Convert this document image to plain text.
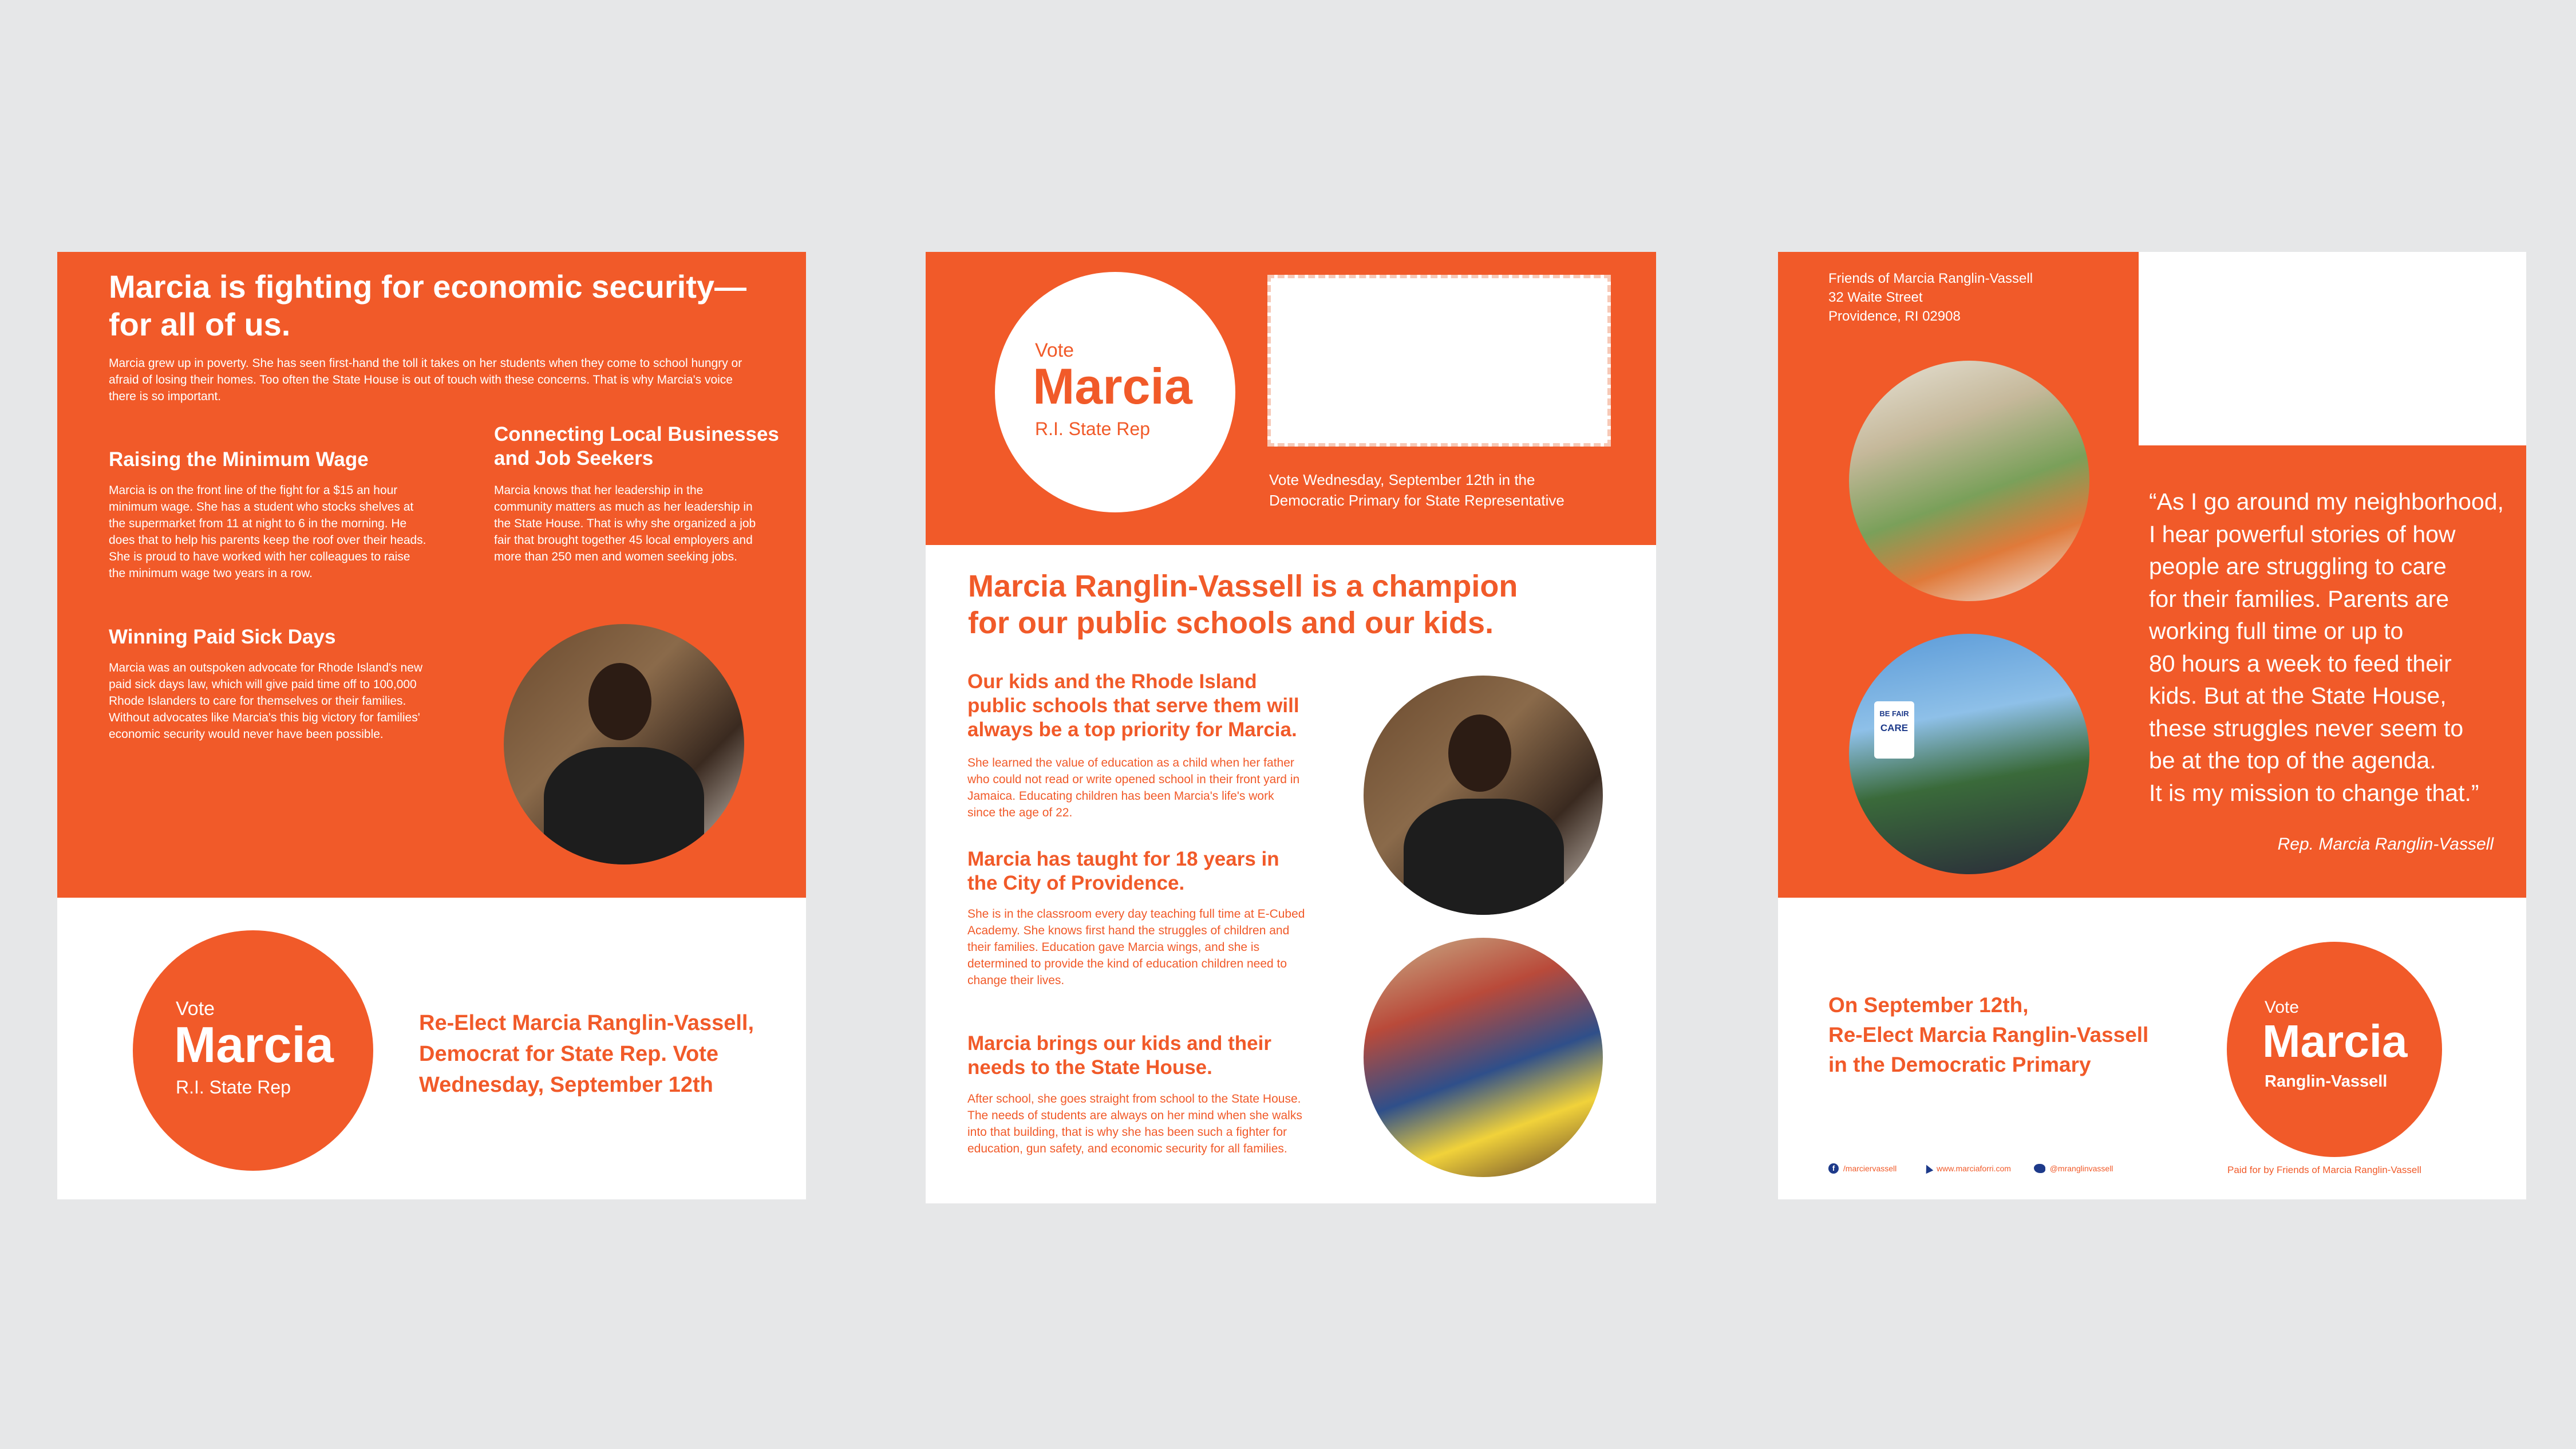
Marcia is fighting for economic security—
for all of us.
Marcia grew up in poverty. She has seen first-hand the toll it takes on her students when they come to school hungry or afraid of losing their homes. Too often the State House is out of touch with these concerns. That is why Marcia's voice there is so important.
Raising the Minimum Wage
Marcia is on the front line of the fight for a $15 an hour minimum wage. She has a student who stocks shelves at the supermarket from 11 at night to 6 in the morning. He does that to help his parents keep the roof over their heads. She is proud to have worked with her colleagues to raise the minimum wage two years in a row.
Connecting Local Businesses
and Job Seekers
Marcia knows that her leadership in the community matters as much as her leadership in the State House. That is why she organized a job fair that brought together 45 local employers and more than 250 men and women seeking jobs.
Winning Paid Sick Days
Marcia was an outspoken advocate for Rhode Island's new paid sick days law, which will give paid time off to 100,000 Rhode Islanders to care for themselves or their families. Without advocates like Marcia's this big victory for families' economic security would never have been possible.
Vote
Marcia
R.I. State Rep
Re-Elect Marcia Ranglin-Vassell,
Democrat for State Rep. Vote
Wednesday, September 12th
Vote
Marcia
R.I. State Rep
Vote Wednesday, September 12th in the
Democratic Primary for State Representative
Marcia Ranglin-Vassell is a champion
for our public schools and our kids.
Our kids and the Rhode Island
public schools that serve them will
always be a top priority for Marcia.
She learned the value of education as a child when her father who could not read or write opened school in their front yard in Jamaica. Educating children has been Marcia's life's work since the age of 22.
Marcia has taught for 18 years in
the City of Providence.
She is in the classroom every day teaching full time at E-Cubed Academy. She knows first hand the struggles of children and their families. Education gave Marcia wings, and she is determined to provide the kind of education children need to change their lives.
Marcia brings our kids and their
needs to the State House.
After school, she goes straight from school to the State House. The needs of students are always on her mind when she walks into that building, that is why she has been such a fighter for education, gun safety, and economic security for all families.
Friends of Marcia Ranglin-Vassell
32 Waite Street
Providence, RI 02908
BE FAIR
CARE
“As I go around my neighborhood,
I hear powerful stories of how
people are struggling to care
for their families. Parents are
working full time or up to
80 hours a week to feed their
kids. But at the State House,
these struggles never seem to
be at the top of the agenda.
It is my mission to change that.”
Rep. Marcia Ranglin-Vassell
On September 12th,
Re-Elect Marcia Ranglin-Vassell
in the Democratic Primary
Vote
Marcia
Ranglin-Vassell
f /marciervassell	www.marciaforri.com	@mranglinvassell	Paid for by Friends of Marcia Ranglin-Vassell
